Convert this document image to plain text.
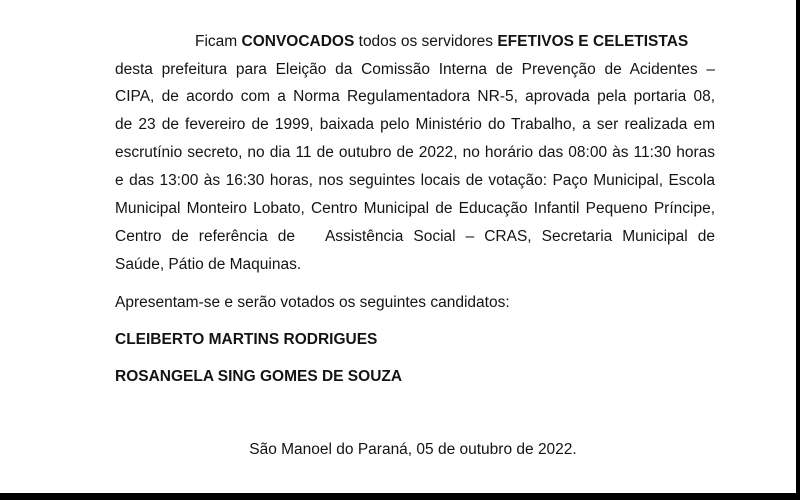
Ficam CONVOCADOS todos os servidores EFETIVOS E CELETISTAS

desta prefeitura para Eleição da Comissão Interna de Prevenção de Acidentes –

CIPA, de acordo com a Norma Regulamentadora NR-5, aprovada pela portaria 08,

de 23 de fevereiro de 1999, baixada pelo Ministério do Trabalho, a ser realizada em

escrutínio secreto, no dia 11 de outubro de 2022, no horário das 08:00 às 11:30 horas

e das 13:00 às 16:30 horas, nos seguintes locais de votação: Paço Municipal, Escola

Municipal Monteiro Lobato, Centro Municipal de Educação Infantil Pequeno Príncipe,

Centro de referência de Assistência Social – CRAS, Secretaria Municipal de

Saúde, Pátio de Maquinas.

Apresentam-se e serão votados os seguintes candidatos:

CLEIBERTO MARTINS RODRIGUES

ROSANGELA SING GOMES DE SOUZA

São Manoel do Paraná, 05 de outubro de 2022.
